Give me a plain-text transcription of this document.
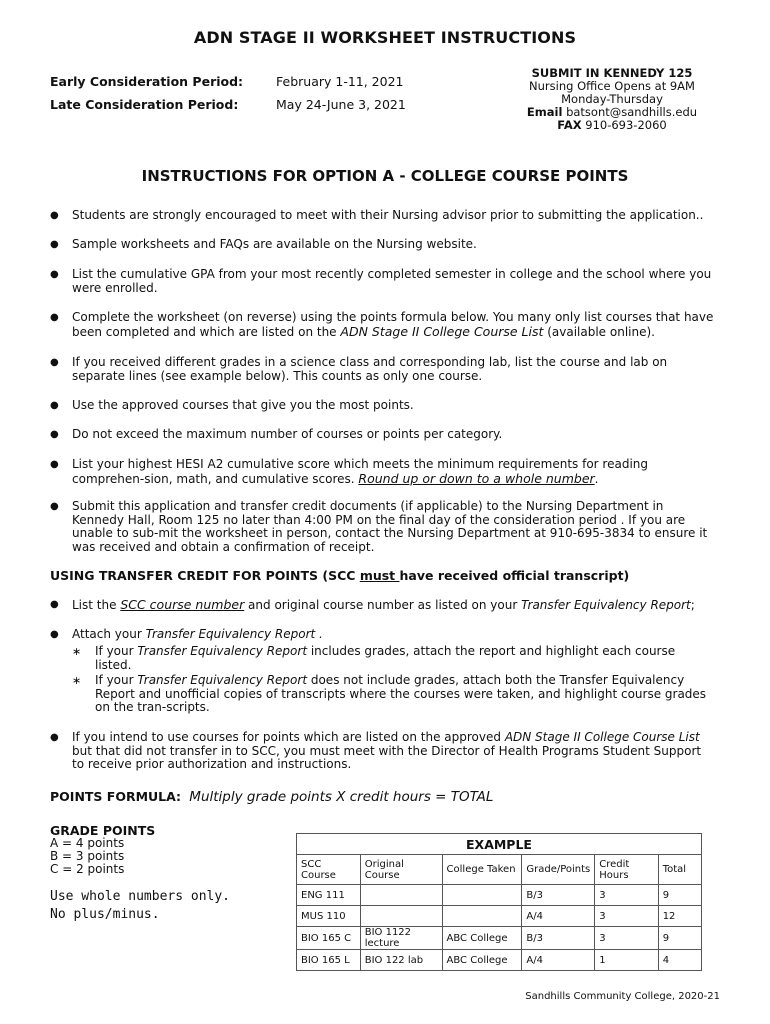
ADN STAGE II WORKSHEET INSTRUCTIONS
Early Consideration Period:	February 1-11, 2021
Late Consideration Period:	May 24-June 3, 2021
SUBMIT IN KENNEDY 125
Nursing Office Opens at 9AM
Monday-Thursday
Email batsont@sandhills.edu
FAX 910-693-2060
INSTRUCTIONS FOR OPTION A - COLLEGE COURSE POINTS
● Students are strongly encouraged to meet with their Nursing advisor prior to submitting the application..
● Sample worksheets and FAQs are available on the Nursing website.
● List the cumulative GPA from your most recently completed semester in college and the school where you were enrolled.
● Complete the worksheet (on reverse) using the points formula below. You many only list courses that have been completed and which are listed on the ADN Stage II College Course List (available online).
● If you received different grades in a science class and corresponding lab, list the course and lab on separate lines (see example below). This counts as only one course.
● Use the approved courses that give you the most points.
● Do not exceed the maximum number of courses or points per category.
● List your highest HESI A2 cumulative score which meets the minimum requirements for reading comprehen-sion, math, and cumulative scores. Round up or down to a whole number.
● Submit this application and transfer credit documents (if applicable) to the Nursing Department in Kennedy Hall, Room 125 no later than 4:00 PM on the final day of the consideration period . If you are unable to sub-mit the worksheet in person, contact the Nursing Department at 910-695-3834 to ensure it was received and obtain a confirmation of receipt.
USING TRANSFER CREDIT FOR POINTS (SCC must have received official transcript)
● List the SCC course number and original course number as listed on your Transfer Equivalency Report;
● Attach your Transfer Equivalency Report .
∗ If your Transfer Equivalency Report includes grades, attach the report and highlight each course listed.
∗ If your Transfer Equivalency Report does not include grades, attach both the Transfer Equivalency Report and unofficial copies of transcripts where the courses were taken, and highlight course grades on the tran-scripts.
● If you intend to use courses for points which are listed on the approved ADN Stage II College Course List but that did not transfer in to SCC, you must meet with the Director of Health Programs Student Support to receive prior authorization and instructions.
POINTS FORMULA: Multiply grade points X credit hours = TOTAL
GRADE POINTS
A = 4 points
B = 3 points
C = 2 points
Use whole numbers only.
No plus/minus.
EXAMPLE					
SCC Course	Original Course	College Taken	Grade/Points	Credit Hours	Total
ENG 111			B/3	3	9
MUS 110			A/4	3	12
BIO 165 C	BIO 1122 lecture	ABC College	B/3	3	9
BIO 165 L	BIO 122 lab	ABC College	A/4	1	4
Sandhills Community College, 2020-21
